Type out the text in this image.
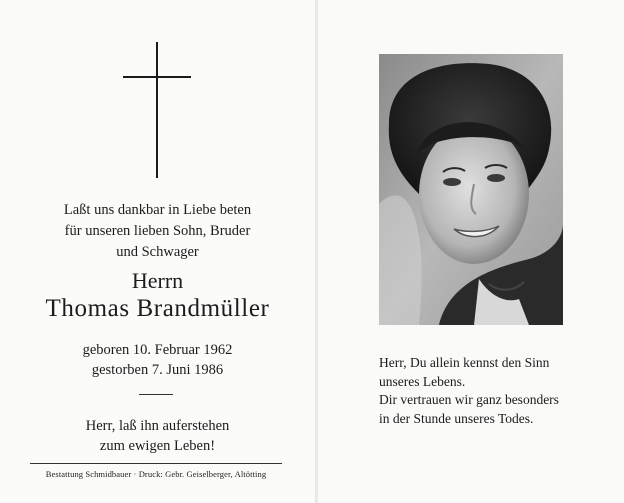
Laßt uns dankbar in Liebe beten
für unseren lieben Sohn, Bruder
und Schwager
Herrn
Thomas Brandmüller
geboren 10. Februar 1962
gestorben 7. Juni 1986
Herr, laß ihn auferstehen
zum ewigen Leben!
Bestattung Schmidbauer · Druck: Gebr. Geiselberger, Altötting
Herr, Du allein kennst den Sinn
unseres Lebens.
Dir vertrauen wir ganz besonders
in der Stunde unseres Todes.
